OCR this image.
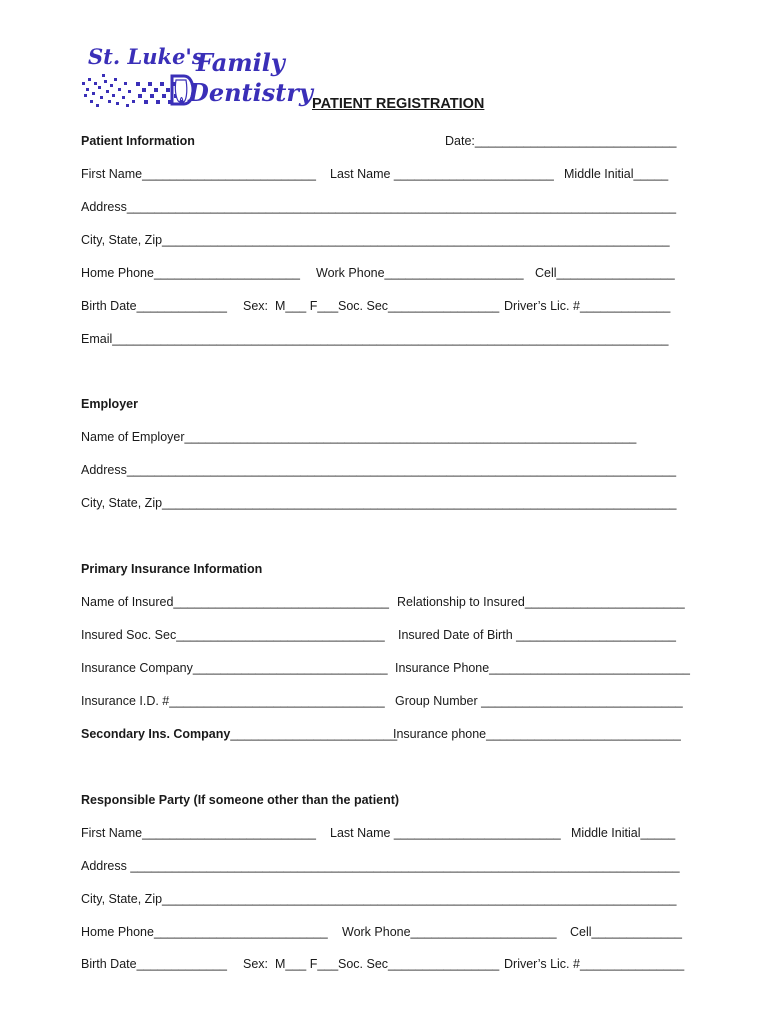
St. Luke's
Family
Dentistry PATIENT REGISTRATION
Patient Information	Date:_____________________________
First Name_________________________ Last Name _______________________ Middle Initial_____
Address_______________________________________________________________________________
City, State, Zip_________________________________________________________________________
Home Phone_____________________ Work Phone____________________ Cell_________________
Birth Date_____________ Sex:  M___ F___ Soc. Sec________________ Driver’s Lic. #_____________
Email________________________________________________________________________________
Employer
Name of Employer_________________________________________________________________
Address_______________________________________________________________________________
City, State, Zip__________________________________________________________________________
Primary Insurance Information
Name of Insured_______________________________ Relationship to Insured_______________________
Insured Soc. Sec______________________________ Insured Date of Birth _______________________
Insurance Company____________________________ Insurance Phone_____________________________
Insurance I.D. #_______________________________ Group Number _____________________________
Secondary Ins. Company________________________
Insurance phone____________________________
Responsible Party (If someone other than the patient)
First Name_________________________ Last Name ________________________ Middle Initial_____
Address _______________________________________________________________________________
City, State, Zip__________________________________________________________________________
Home Phone_________________________ Work Phone_____________________ Cell_____________
Birth Date_____________ Sex:  M___ F___ Soc. Sec________________ Driver’s Lic. #_______________
